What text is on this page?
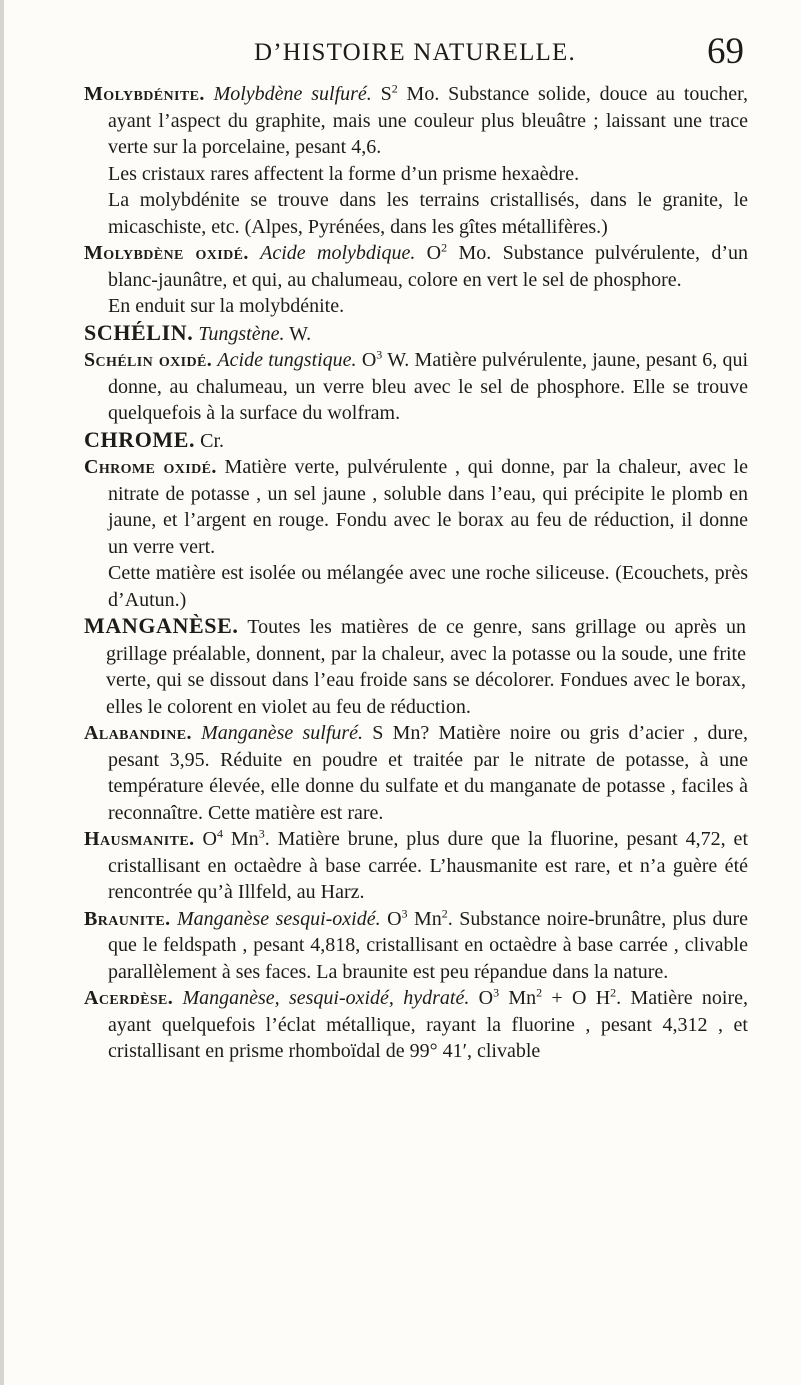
D’HISTOIRE NATURELLE.	69

Molybdénite. Molybdène sulfuré. $S^2$ Mo. Substance solide, douce au toucher, ayant l’aspect du graphite, mais une couleur plus bleuâtre ; laissant une trace verte sur la porcelaine, pesant 4,6.

Les cristaux rares affectent la forme d’un prisme hexaèdre.

La molybdénite se trouve dans les terrains cristallisés, dans le granite, le micaschiste, etc. (Alpes, Pyrénées, dans les gîtes métallifères.)

Molybdène oxidé. Acide molybdique. $O^2$ Mo. Substance pulvérulente, d’un blanc-jaunâtre, et qui, au chalumeau, colore en vert le sel de phosphore.

En enduit sur la molybdénite.

SCHÉLIN. Tungstène. W.

Schélin oxidé. Acide tungstique. $O^3$ W. Matière pulvérulente, jaune, pesant 6, qui donne, au chalumeau, un verre bleu avec le sel de phosphore. Elle se trouve quelquefois à la surface du wolfram.

CHROME. Cr.

Chrome oxidé. Matière verte, pulvérulente , qui donne, par la chaleur, avec le nitrate de potasse , un sel jaune , soluble dans l’eau, qui précipite le plomb en jaune, et l’argent en rouge. Fondu avec le borax au feu de réduction, il donne un verre vert.

Cette matière est isolée ou mélangée avec une roche siliceuse. (Ecouchets, près d’Autun.)

MANGANÈSE. Toutes les matières de ce genre, sans grillage ou après un grillage préalable, donnent, par la chaleur, avec la potasse ou la soude, une frite verte, qui se dissout dans l’eau froide sans se décolorer. Fondues avec le borax, elles le colorent en violet au feu de réduction.

Alabandine. Manganèse sulfuré. S Mn? Matière noire ou gris d’acier , dure, pesant 3,95. Réduite en poudre et traitée par le nitrate de potasse, à une température élevée, elle donne du sulfate et du manganate de potasse , faciles à reconnaître. Cette matière est rare.

Hausmanite. $O^4$ Mn$^3$. Matière brune, plus dure que la fluorine, pesant 4,72, et cristallisant en octaèdre à base carrée. L’hausmanite est rare, et n’a guère été rencontrée qu’à Illfeld, au Harz.

Braunite. Manganèse sesqui-oxidé. $O^3$ Mn$^2$. Substance noire-brunâtre, plus dure que le feldspath , pesant 4,818, cristallisant en octaèdre à base carrée , clivable parallèlement à ses faces. La braunite est peu répandue dans la nature.

Acerdèse. Manganèse, sesqui-oxidé, hydraté. $O^3$ $Mn^2 + O$ $H^2$. Matière noire, ayant quelquefois l’éclat métallique, rayant la fluorine , pesant 4,312 , et cristallisant en prisme rhomboïdal de 99° 41′, clivable
